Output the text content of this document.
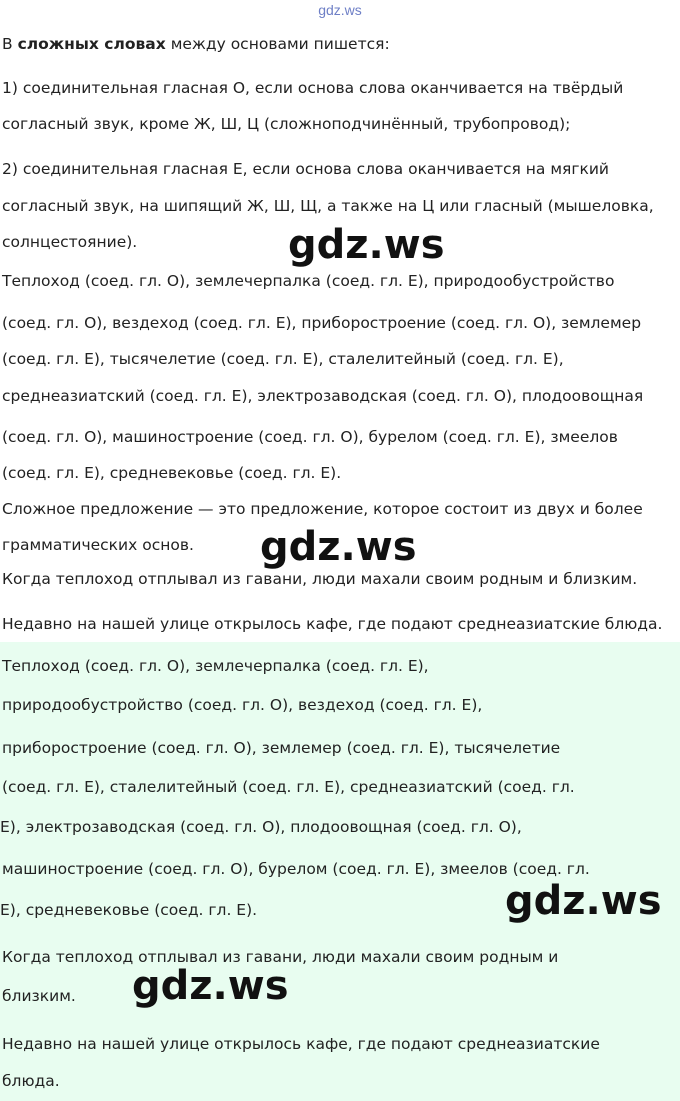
gdz.ws
В сложных словах между основами пишется:
1) соединительная гласная О, если основа слова оканчивается на твёрдый
согласный звук, кроме Ж, Ш, Ц (сложноподчинённый, трубопровод);
2) соединительная гласная Е, если основа слова оканчивается на мягкий
согласный звук, на шипящий Ж, Ш, Щ, а также на Ц или гласный (мышеловка,
солнцестояние).
Теплоход (соед. гл. О), землечерпалка (соед. гл. Е), природообустройство
(соед. гл. О), вездеход (соед. гл. Е), приборостроение (соед. гл. О), землемер
(соед. гл. Е), тысячелетие (соед. гл. Е), сталелитейный (соед. гл. Е),
среднеазиатский (соед. гл. Е), электрозаводская (соед. гл. О), плодоовощная
(соед. гл. О), машиностроение (соед. гл. О), бурелом (соед. гл. Е), змеелов
(соед. гл. Е), средневековье (соед. гл. Е).
Сложное предложение — это предложение, которое состоит из двух и более
грамматических основ.
Когда теплоход отплывал из гавани, люди махали своим родным и близким.
Недавно на нашей улице открылось кафе, где подают среднеазиатские блюда.
Теплоход (соед. гл. О), землечерпалка (соед. гл. Е),
природообустройство (соед. гл. О), вездеход (соед. гл. Е),
приборостроение (соед. гл. О), землемер (соед. гл. Е), тысячелетие
(соед. гл. Е), сталелитейный (соед. гл. Е), среднеазиатский (соед. гл.
Е), электрозаводская (соед. гл. О), плодоовощная (соед. гл. О),
машиностроение (соед. гл. О), бурелом (соед. гл. Е), змеелов (соед. гл.
Е), средневековье (соед. гл. Е).
Когда теплоход отплывал из гавани, люди махали своим родным и
близким.
Недавно на нашей улице открылось кафе, где подают среднеазиатские
блюда.
gdz.ws
gdz.ws
gdz.ws
gdz.ws
